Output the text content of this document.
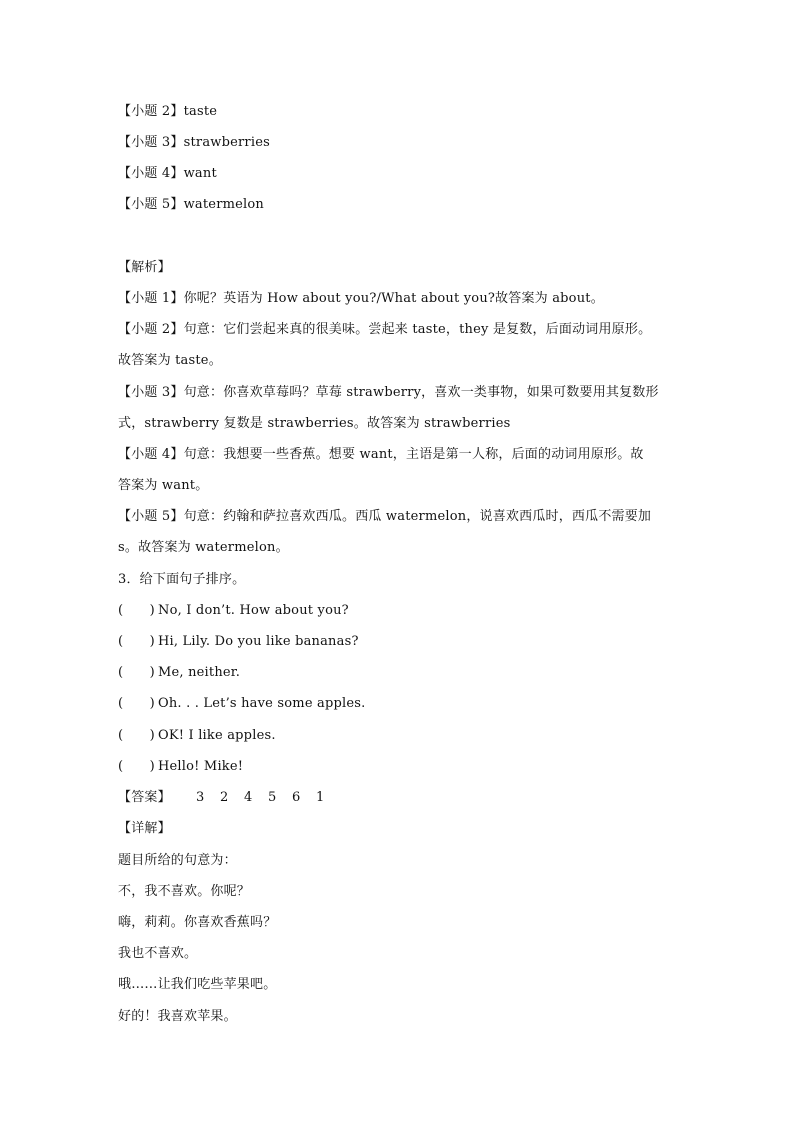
【小题 2】taste
【小题 3】strawberries
【小题 4】want
【小题 5】watermelon
【解析】
【小题 1】你呢？英语为 How about you?/What about you?故答案为 about。
【小题 2】句意：它们尝起来真的很美味。尝起来 taste，they 是复数，后面动词用原形。
故答案为 taste。
【小题 3】句意：你喜欢草莓吗？草莓 strawberry，喜欢一类事物，如果可数要用其复数形
式，strawberry 复数是 strawberries。故答案为 strawberries
【小题 4】句意：我想要一些香蕉。想要 want，主语是第一人称，后面的动词用原形。故
答案为 want。
【小题 5】句意：约翰和萨拉喜欢西瓜。西瓜 watermelon，说喜欢西瓜时，西瓜不需要加
s。故答案为 watermelon。
3．给下面句子排序。
(　　) No, I don’t. How about you?
(　　) Hi, Lily. Do you like bananas?
(　　) Me, neither.
(　　) Oh. . . Let’s have some apples.
(　　) OK! I like apples.
(　　) Hello! Mike!
【答案】 3 2 4 5 6 1
【详解】
题目所给的句意为：
不，我不喜欢。你呢？
嗨，莉莉。你喜欢香蕉吗？
我也不喜欢。
哦……让我们吃些苹果吧。
好的！我喜欢苹果。
